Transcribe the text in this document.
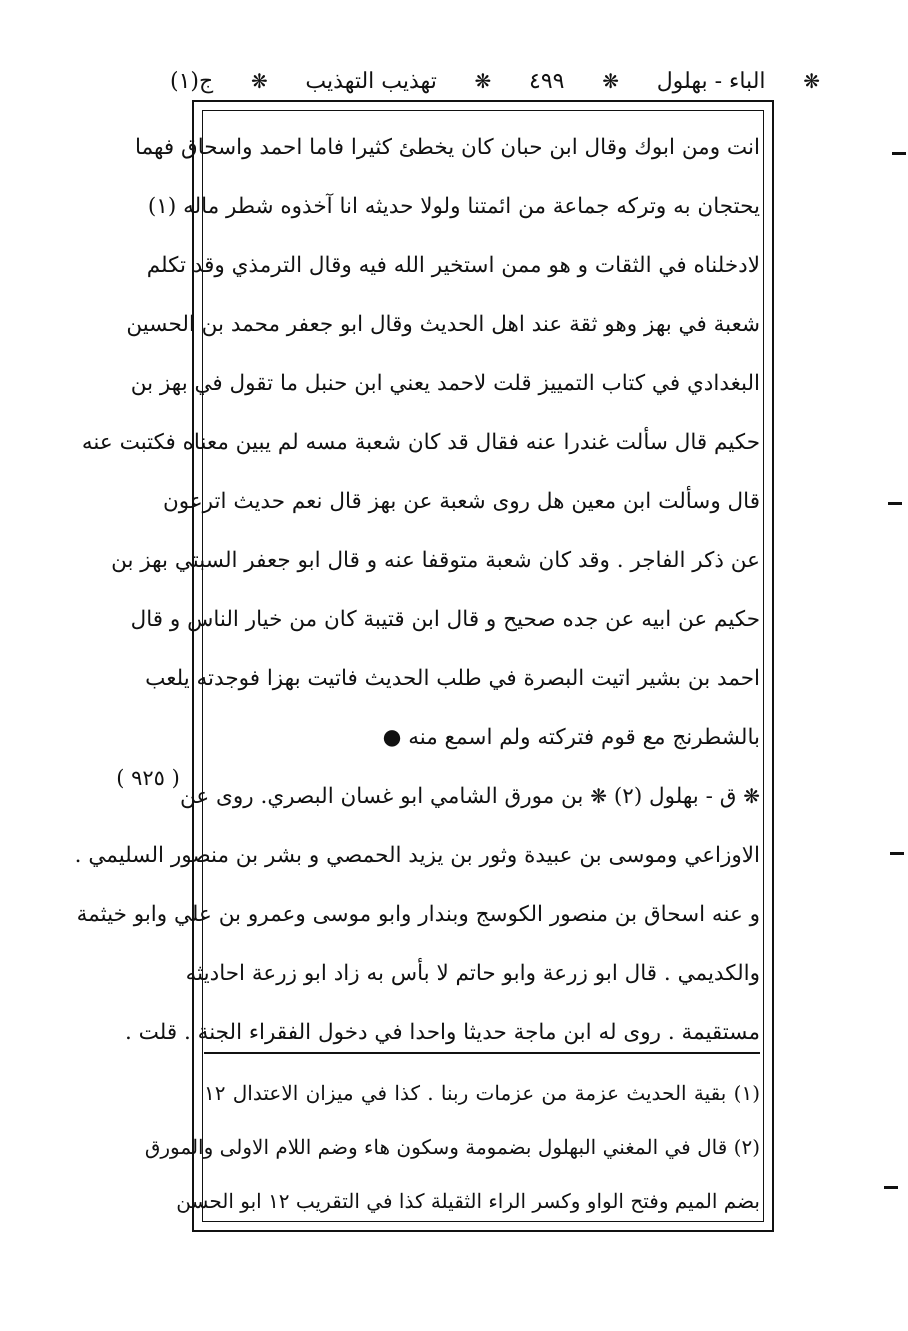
❋
الباء - بهلول
❋
٤٩٩
❋
تهذيب التهذيب
❋
ج(١)
انت ومن ابوك وقال ابن حبان كان يخطئ كثيرا فاما احمد واسحاق فهما
يحتجان به وتركه جماعة من ائمتنا ولولا حديثه انا آخذوه شطر ماله (١)
لادخلناه في الثقات و هو ممن استخير الله فيه وقال الترمذي وقد تكلم
شعبة في بهز وهو ثقة عند اهل الحديث وقال ابو جعفر محمد بن الحسين
البغدادي في كتاب التمييز قلت لاحمد يعني ابن حنبل ما تقول في بهز بن
حكيم قال سألت غندرا عنه فقال قد كان شعبة مسه لم يبين معناه فكتبت عنه
قال وسألت ابن معين هل روى شعبة عن بهز قال نعم حديث اترعون
عن ذكر الفاجر . وقد كان شعبة متوقفا عنه و قال ابو جعفر السبتي بهز بن
حكيم عن ابيه عن جده صحيح و قال ابن قتيبة كان من خيار الناس و قال
احمد بن بشير اتيت البصرة في طلب الحديث فاتيت بهزا فوجدته يلعب
بالشطرنج مع قوم فتركته ولم اسمع منه ●
❋ ق - بهلول (٢) ❋ بن مورق الشامي ابو غسان البصري. روى عن
الاوزاعي وموسى بن عبيدة وثور بن يزيد الحمصي و بشر بن منصور السليمي .
و عنه اسحاق بن منصور الكوسج وبندار وابو موسى وعمرو بن علي وابو خيثمة
والكديمي . قال ابو زرعة وابو حاتم لا بأس به زاد ابو زرعة احاديثه
مستقيمة . روى له ابن ماجة حديثا واحدا في دخول الفقراء الجنة . قلت .
(١) بقية الحديث عزمة من عزمات ربنا . كذا في ميزان الاعتدال ١٢
(٢) قال في المغني البهلول بضمومة وسكون هاء وضم اللام الاولى والمورق
بضم الميم وفتح الواو وكسر الراء الثقيلة كذا في التقريب ١٢ ابو الحسن
( ٩٢٥ )
